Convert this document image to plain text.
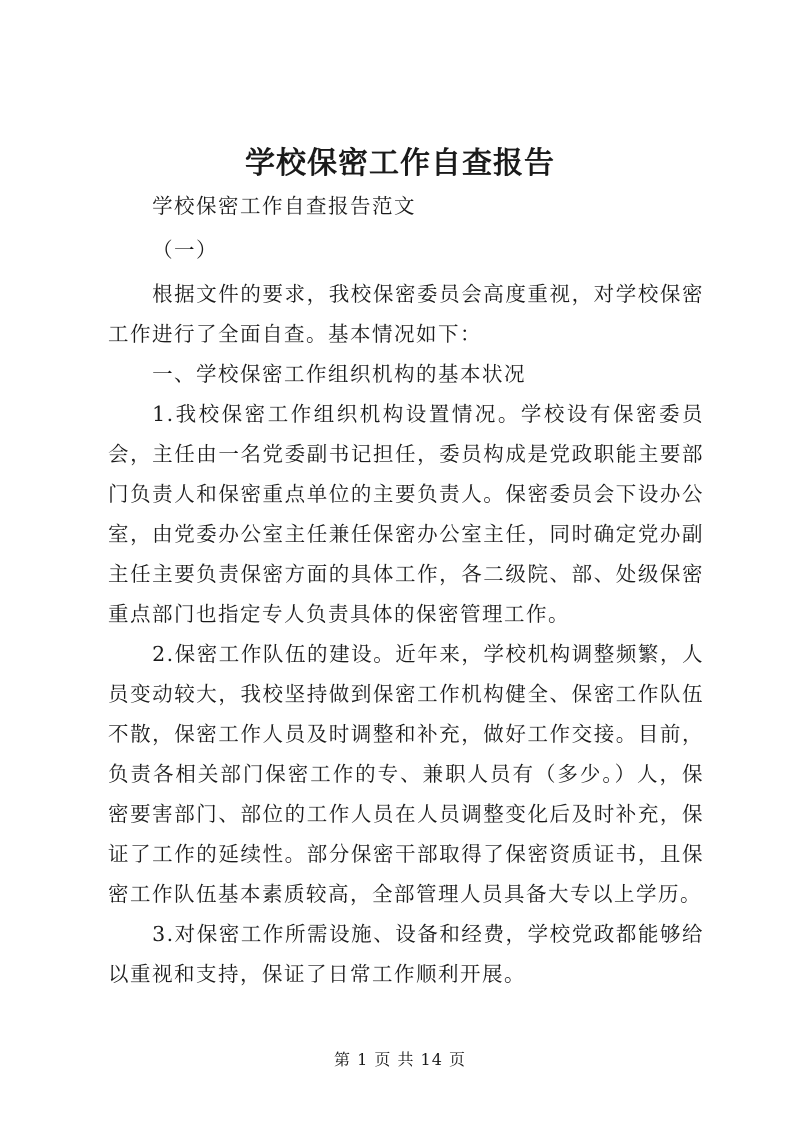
学校保密工作自查报告

学校保密工作自查报告范文

（一）

根据文件的要求，我校保密委员会高度重视，对学校保密工作进行了全面自查。基本情况如下：

一、学校保密工作组织机构的基本状况

1.我校保密工作组织机构设置情况。学校设有保密委员会，主任由一名党委副书记担任，委员构成是党政职能主要部门负责人和保密重点单位的主要负责人。保密委员会下设办公室，由党委办公室主任兼任保密办公室主任，同时确定党办副主任主要负责保密方面的具体工作，各二级院、部、处级保密重点部门也指定专人负责具体的保密管理工作。

2.保密工作队伍的建设。近年来，学校机构调整频繁，人员变动较大，我校坚持做到保密工作机构健全、保密工作队伍不散，保密工作人员及时调整和补充，做好工作交接。目前，负责各相关部门保密工作的专、兼职人员有（多少。）人，保密要害部门、部位的工作人员在人员调整变化后及时补充，保证了工作的延续性。部分保密干部取得了保密资质证书，且保密工作队伍基本素质较高，全部管理人员具备大专以上学历。

3.对保密工作所需设施、设备和经费，学校党政都能够给以重视和支持，保证了日常工作顺利开展。

第 1 页 共 14 页
